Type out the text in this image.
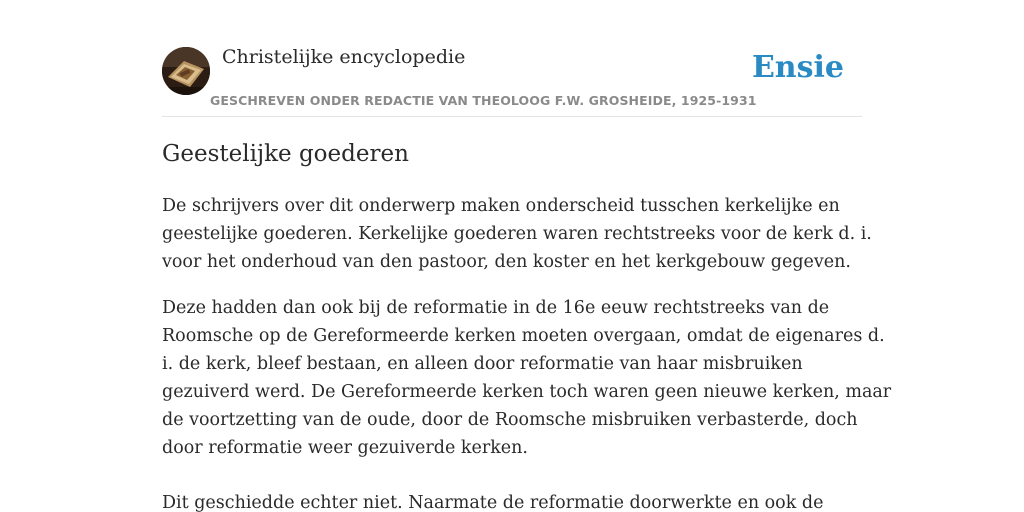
Christelijke encyclopedie
GESCHREVEN ONDER REDACTIE VAN THEOLOOG F.W. GROSHEIDE, 1925-1931
Ensie
Geestelijke goederen

De schrijvers over dit onderwerp maken onderscheid tusschen kerkelijke en
geestelijke goederen. Kerkelijke goederen waren rechtstreeks voor de kerk d. i.
voor het onderhoud van den pastoor, den koster en het kerkgebouw gegeven.

Deze hadden dan ook bij de reformatie in de 16e eeuw rechtstreeks van de
Roomsche op de Gereformeerde kerken moeten overgaan, omdat de eigenares d.
i. de kerk, bleef bestaan, en alleen door reformatie van haar misbruiken
gezuiverd werd. De Gereformeerde kerken toch waren geen nieuwe kerken, maar
de voortzetting van de oude, door de Roomsche misbruiken verbasterde, doch
door reformatie weer gezuiverde kerken.

Dit geschiedde echter niet. Naarmate de reformatie doorwerkte en ook de
